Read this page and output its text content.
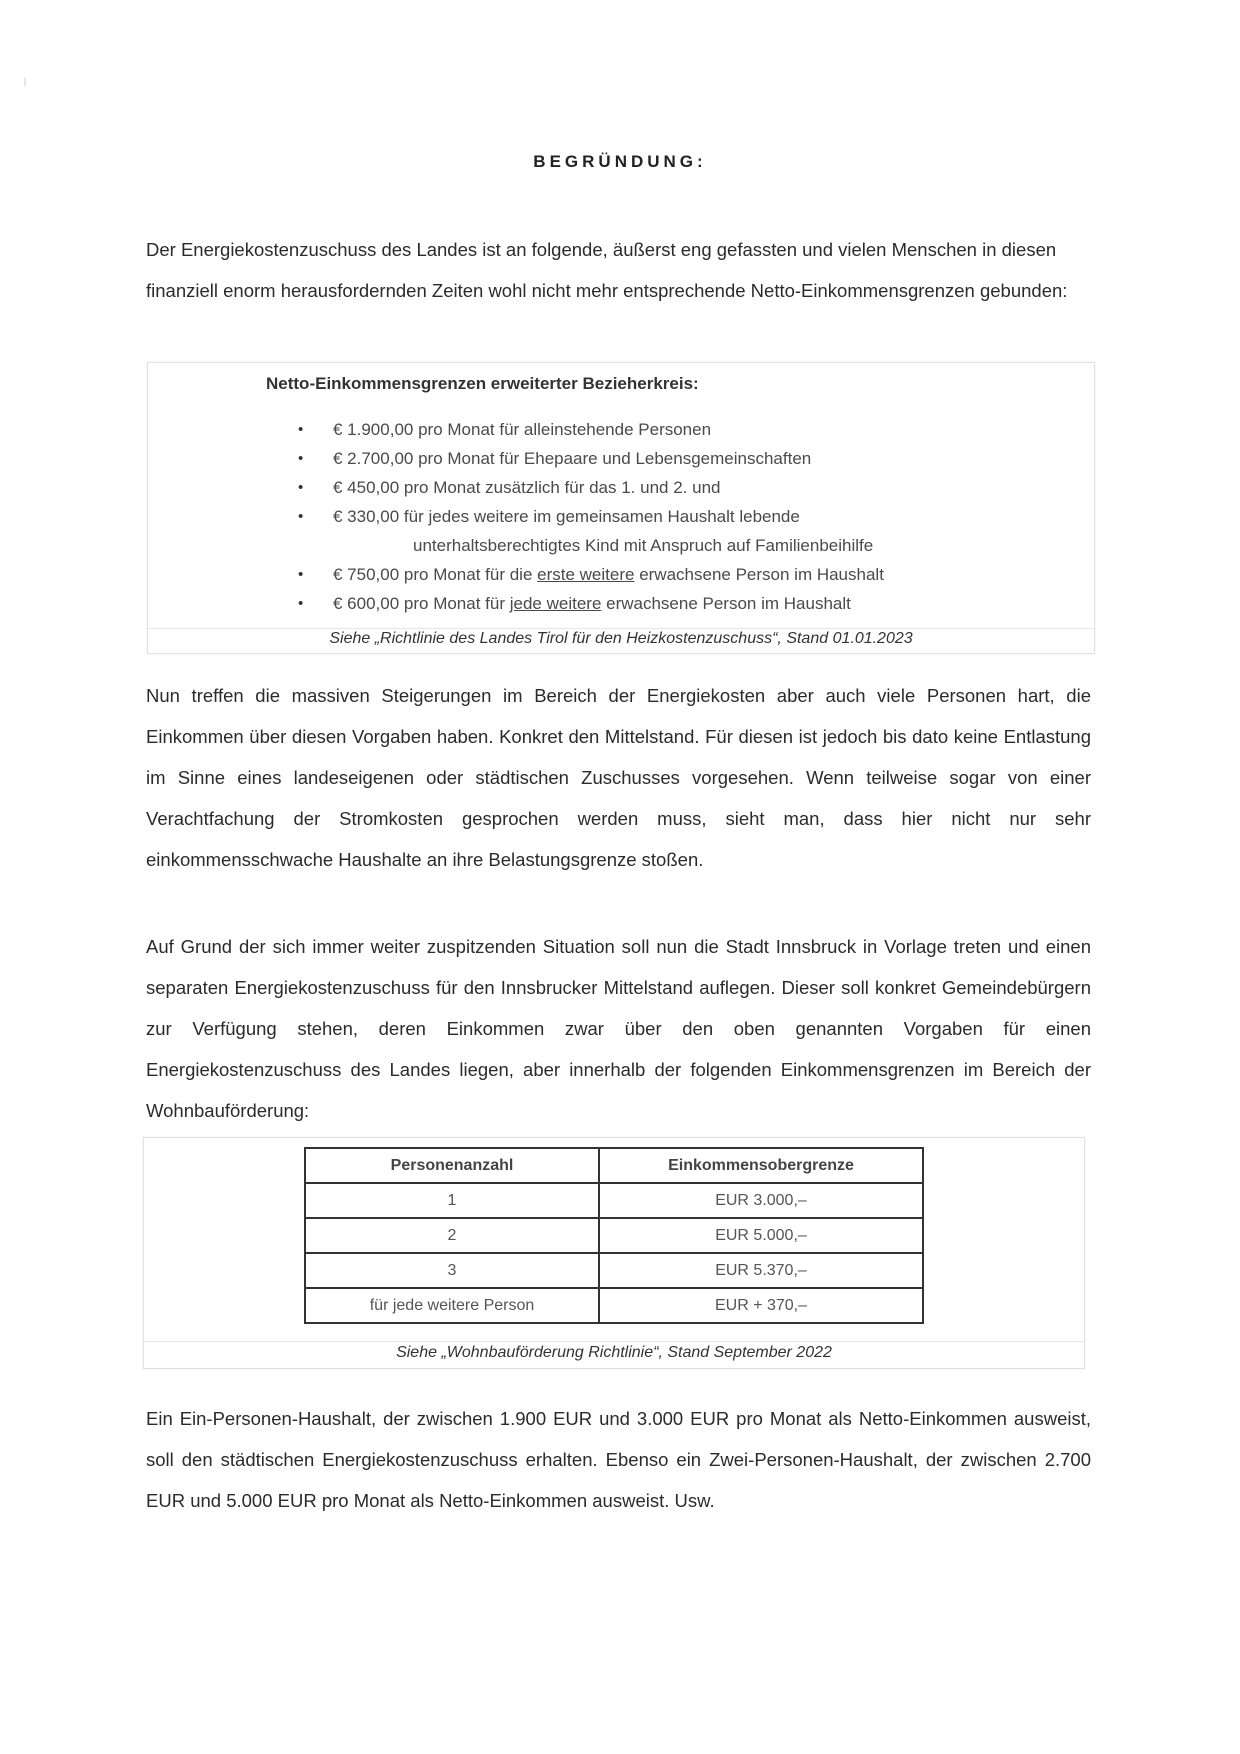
BEGRÜNDUNG:

Der Energiekostenzuschuss des Landes ist an folgende, äußerst eng gefassten und vielen Menschen in diesen finanziell enorm herausfordernden Zeiten wohl nicht mehr entsprechende Netto-Einkommensgrenzen gebunden:

Netto-Einkommensgrenzen erweiterter Bezieherkreis:
• € 1.900,00 pro Monat für alleinstehende Personen
• € 2.700,00 pro Monat für Ehepaare und Lebensgemeinschaften
• € 450,00 pro Monat zusätzlich für das 1. und 2. und
• € 330,00 für jedes weitere im gemeinsamen Haushalt lebende
unterhaltsberechtigtes Kind mit Anspruch auf Familienbeihilfe
• € 750,00 pro Monat für die erste weitere erwachsene Person im Haushalt
• € 600,00 pro Monat für jede weitere erwachsene Person im Haushalt
Siehe „Richtlinie des Landes Tirol für den Heizkostenzuschuss“, Stand 01.01.2023

Nun treffen die massiven Steigerungen im Bereich der Energiekosten aber auch viele Personen hart, die Einkommen über diesen Vorgaben haben. Konkret den Mittelstand. Für diesen ist jedoch bis dato keine Entlastung im Sinne eines landeseigenen oder städtischen Zuschusses vorgesehen. Wenn teilweise sogar von einer Verachtfachung der Stromkosten gesprochen werden muss, sieht man, dass hier nicht nur sehr einkommensschwache Haushalte an ihre Belastungsgrenze stoßen.

Auf Grund der sich immer weiter zuspitzenden Situation soll nun die Stadt Innsbruck in Vorlage treten und einen separaten Energiekostenzuschuss für den Innsbrucker Mittelstand auflegen. Dieser soll konkret Gemeindebürgern zur Verfügung stehen, deren Einkommen zwar über den oben genannten Vorgaben für einen Energiekostenzuschuss des Landes liegen, aber innerhalb der folgenden Einkommensgrenzen im Bereich der Wohnbauförderung:

Personenanzahl	Einkommensobergrenze
1	EUR 3.000,–
2	EUR 5.000,–
3	EUR 5.370,–
für jede weitere Person	EUR + 370,–
Siehe „Wohnbauförderung Richtlinie“, Stand September 2022

Ein Ein-Personen-Haushalt, der zwischen 1.900 EUR und 3.000 EUR pro Monat als Netto-Einkommen ausweist, soll den städtischen Energiekostenzuschuss erhalten. Ebenso ein Zwei-Personen-Haushalt, der zwischen 2.700 EUR und 5.000 EUR pro Monat als Netto-Einkommen ausweist. Usw.
